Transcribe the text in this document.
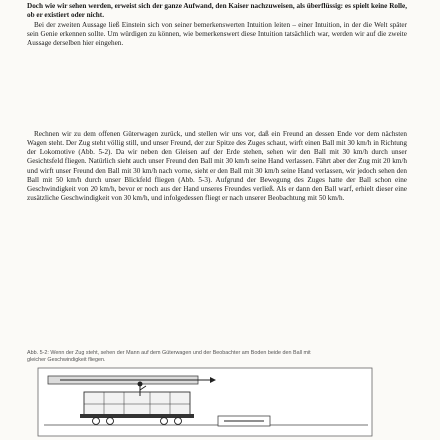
Doch wie wir sehen werden, erweist sich der ganze Aufwand, den Kaiser nachzuweisen, als überflüssig: es spielt keine Rolle, ob er existiert oder nicht.

Bei der zweiten Aussage ließ Einstein sich von seiner bemerkenswerten Intuition leiten – einer Intuition, in der die Welt später sein Genie erkennen sollte. Um würdigen zu können, wie bemerkenswert diese Intuition tatsächlich war, werden wir auf die zweite Aussage derselben hier eingehen.

Rechnen wir zu dem offenen Güterwagen zurück, und stellen wir uns vor, daß ein Freund an dessen Ende vor dem nächsten Wagen steht. Der Zug steht völlig still, und unser Freund, der zur Spitze des Zuges schaut, wirft einen Ball mit 30 km/h in Richtung der Lokomotive (Abb. 5-2). Da wir neben den Gleisen auf der Erde stehen, sehen wir den Ball mit 30 km/h durch unser Gesichtsfeld fliegen. Natürlich sieht auch unser Freund den Ball mit 30 km/h seine Hand verlassen. Fährt aber der Zug mit 20 km/h und wirft unser Freund den Ball mit 30 km/h nach vorne, sieht er den Ball mit 30 km/h seine Hand verlassen, wir jedoch sehen den Ball mit 50 km/h durch unser Blickfeld fliegen (Abb. 5-3). Aufgrund der Bewegung des Zuges hatte der Ball schon eine Geschwindigkeit von 20 km/h, bevor er noch aus der Hand unseres Freundes verließ. Als er dann den Ball warf, erhielt dieser eine zusätzliche Geschwindigkeit von 30 km/h, und infolgedessen fliegt er nach unserer Beobachtung mit 50 km/h.

Abb. 5-2: Wenn der Zug steht, sehen der Mann auf dem Güterwagen und der Beobachter am Boden beide den Ball mit gleicher Geschwindigkeit fliegen.
